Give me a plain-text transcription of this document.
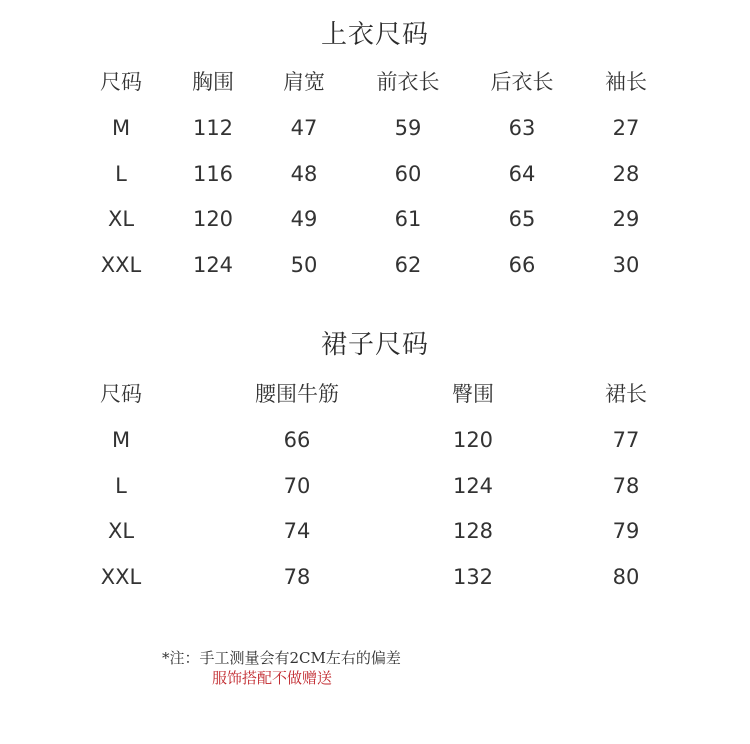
上衣尺码
尺码	胸围	肩宽	前衣长	后衣长	袖长
M	112	47	59	63	27
L	116	48	60	64	28
XL	120	49	61	65	29
XXL	124	50	62	66	30
裙子尺码
尺码	腰围牛筋	臀围	裙长
M	66	120	77
L	70	124	78
XL	74	128	79
XXL	78	132	80
*注：手工测量会有2CM左右的偏差
服饰搭配不做赠送
